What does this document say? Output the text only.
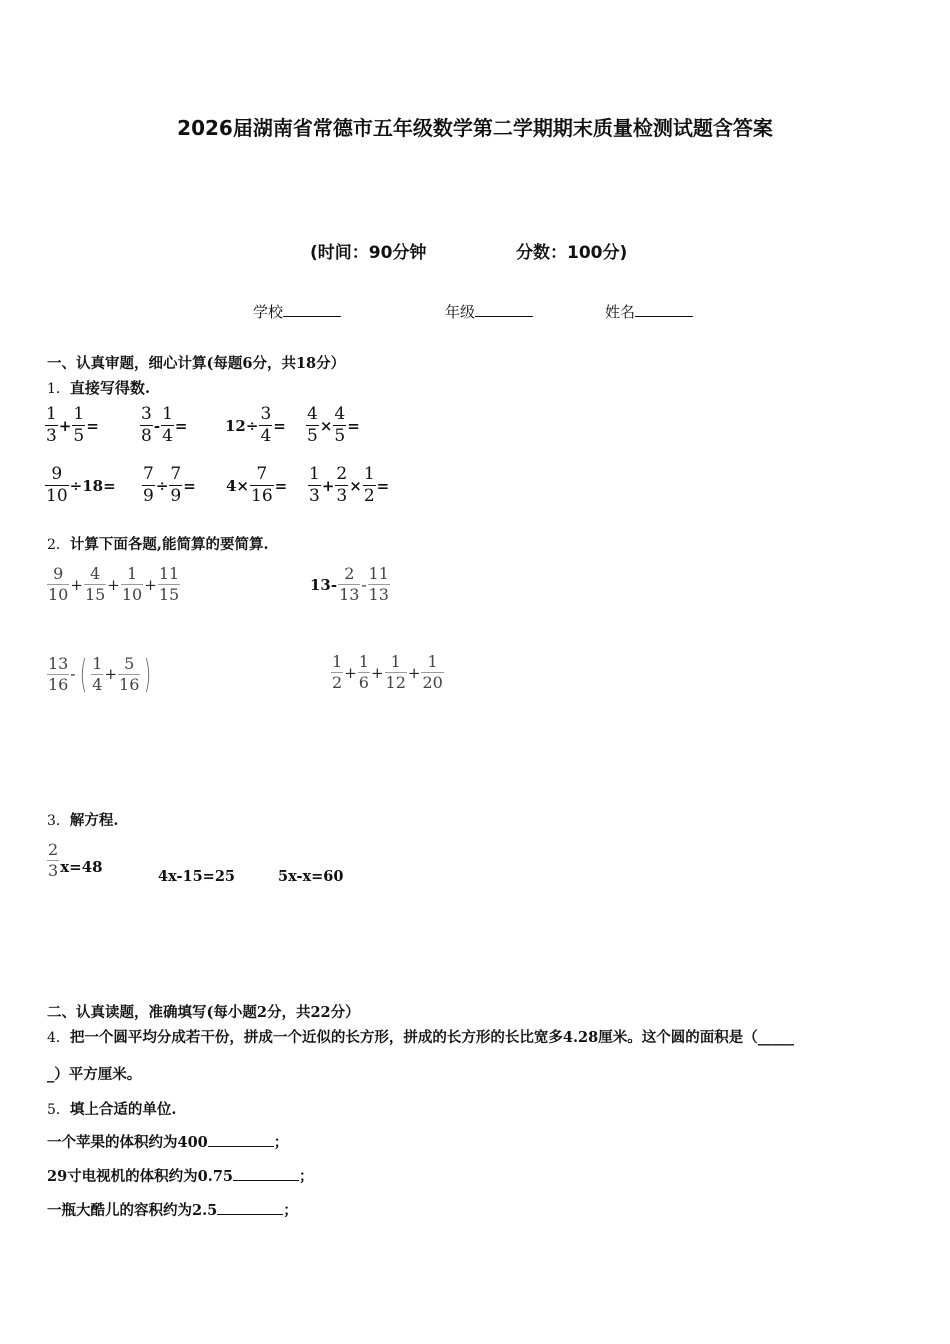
2026届湖南省常德市五年级数学第二学期期末质量检测试题含答案
(时间：90分钟	分数：100分)
学校	年级	姓名
一、认真审题，细心计算(每题6分，共18分）
1．直接写得数.
$\frac{1}{3} + \frac{1}{5} = \frac{3}{8} - \frac{1}{4}$ =	$12\div \frac{3}{4} = \frac{4}{5} \times \frac{4}{5}$ =
$\frac{9}{10} \div 18= \frac{7}{9} \div \frac{7}{9} = 4\times \frac{7}{16} = \frac{1}{3} + \frac{2}{3} \times \frac{1}{2}$ =
2．计算下面各题,能简算的要简算.
$\frac{9}{10} + \frac{4}{15} + \frac{1}{10} + \frac{11}{15}$	$13- \frac{2}{13} - \frac{11}{13}$
$\frac{13}{16}$ - ( $\frac{1}{4} + \frac{5}{16}$ )	$\frac{1}{2} + \frac{1}{6} + \frac{1}{12} + \frac{1}{20}$
3．解方程.
$\frac{2}{3} x=48$
4x-15=25	5x-x=60
二、认真读题，准确填写(每小题2分，共22分）
4．把一个圆平均分成若干份，拼成一个近似的长方形，拼成的长方形的长比宽多4.28厘米。这个圆的面积是（_____
_）平方厘米。
5．填上合适的单位.
一个苹果的体积约为400	；
29寸电视机的体积约为0.75	；
一瓶大酷儿的容积约为2.5	；
